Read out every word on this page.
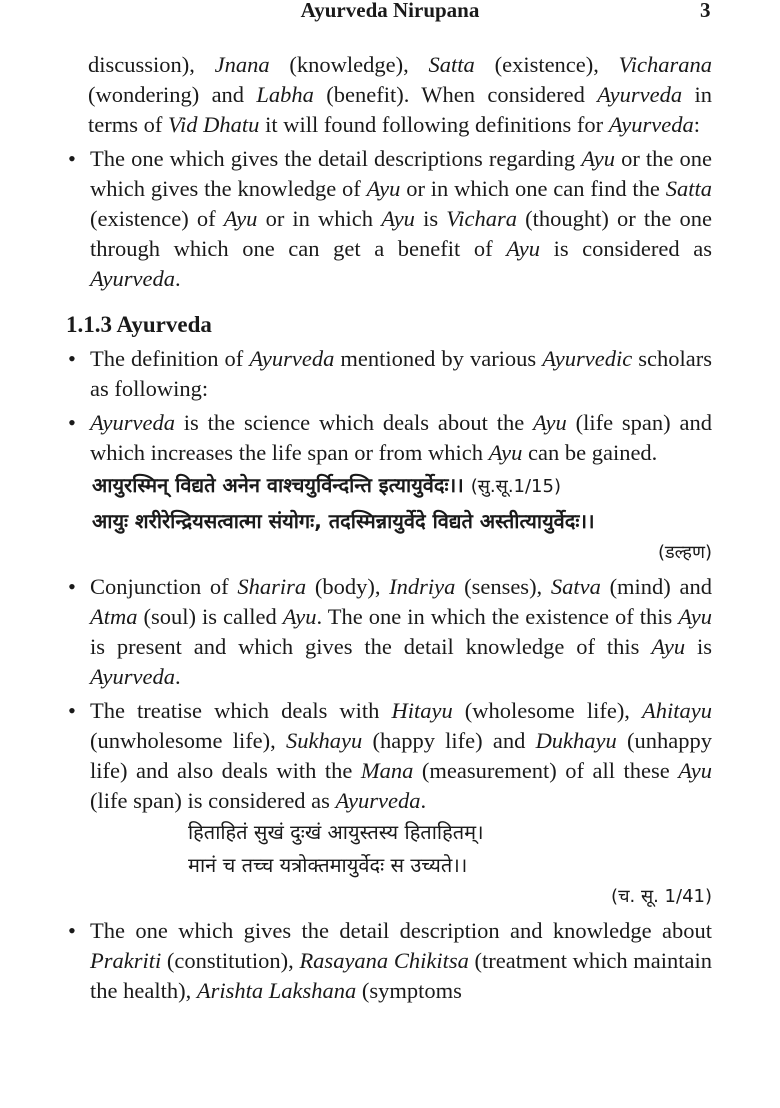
Ayurveda Nirupana	3

discussion), Jnana (knowledge), Satta (existence), Vicharana (wondering) and Labha (benefit). When considered Ayurveda in terms of Vid Dhatu it will found following definitions for Ayurveda:

• The one which gives the detail descriptions regarding Ayu or the one which gives the knowledge of Ayu or in which one can find the Satta (existence) of Ayu or in which Ayu is Vichara (thought) or the one through which one can get a benefit of Ayu is considered as Ayurveda.

1.1.3 Ayurveda

• The definition of Ayurveda mentioned by various Ayurvedic scholars as following:

• Ayurveda is the science which deals about the Ayu (life span) and which increases the life span or from which Ayu can be gained.

आयुरस्मिन् विद्यते अनेन वाश्चयुर्विन्दन्ति इत्यायुर्वेदः।। (सु.सू.1/15)
आयुः शरीरेन्द्रियसत्वात्मा संयोगः, तदस्मिन्नायुर्वेदे विद्यते अस्तीत्यायुर्वेदः।।
(डल्हण)

• Conjunction of Sharira (body), Indriya (senses), Satva (mind) and Atma (soul) is called Ayu. The one in which the existence of this Ayu is present and which gives the detail knowledge of this Ayu is Ayurveda.

• The treatise which deals with Hitayu (wholesome life), Ahitayu (unwholesome life), Sukhayu (happy life) and Dukhayu (unhappy life) and also deals with the Mana (measurement) of all these Ayu (life span) is considered as Ayurveda.

हिताहितं सुखं दुःखं आयुस्तस्य हिताहितम्।
मानं च तच्च यत्रोक्तमायुर्वेदः स उच्यते।।
(च. सू. 1/41)

• The one which gives the detail description and knowledge about Prakriti (constitution), Rasayana Chikitsa (treatment which maintain the health), Arishta Lakshana (symptoms
